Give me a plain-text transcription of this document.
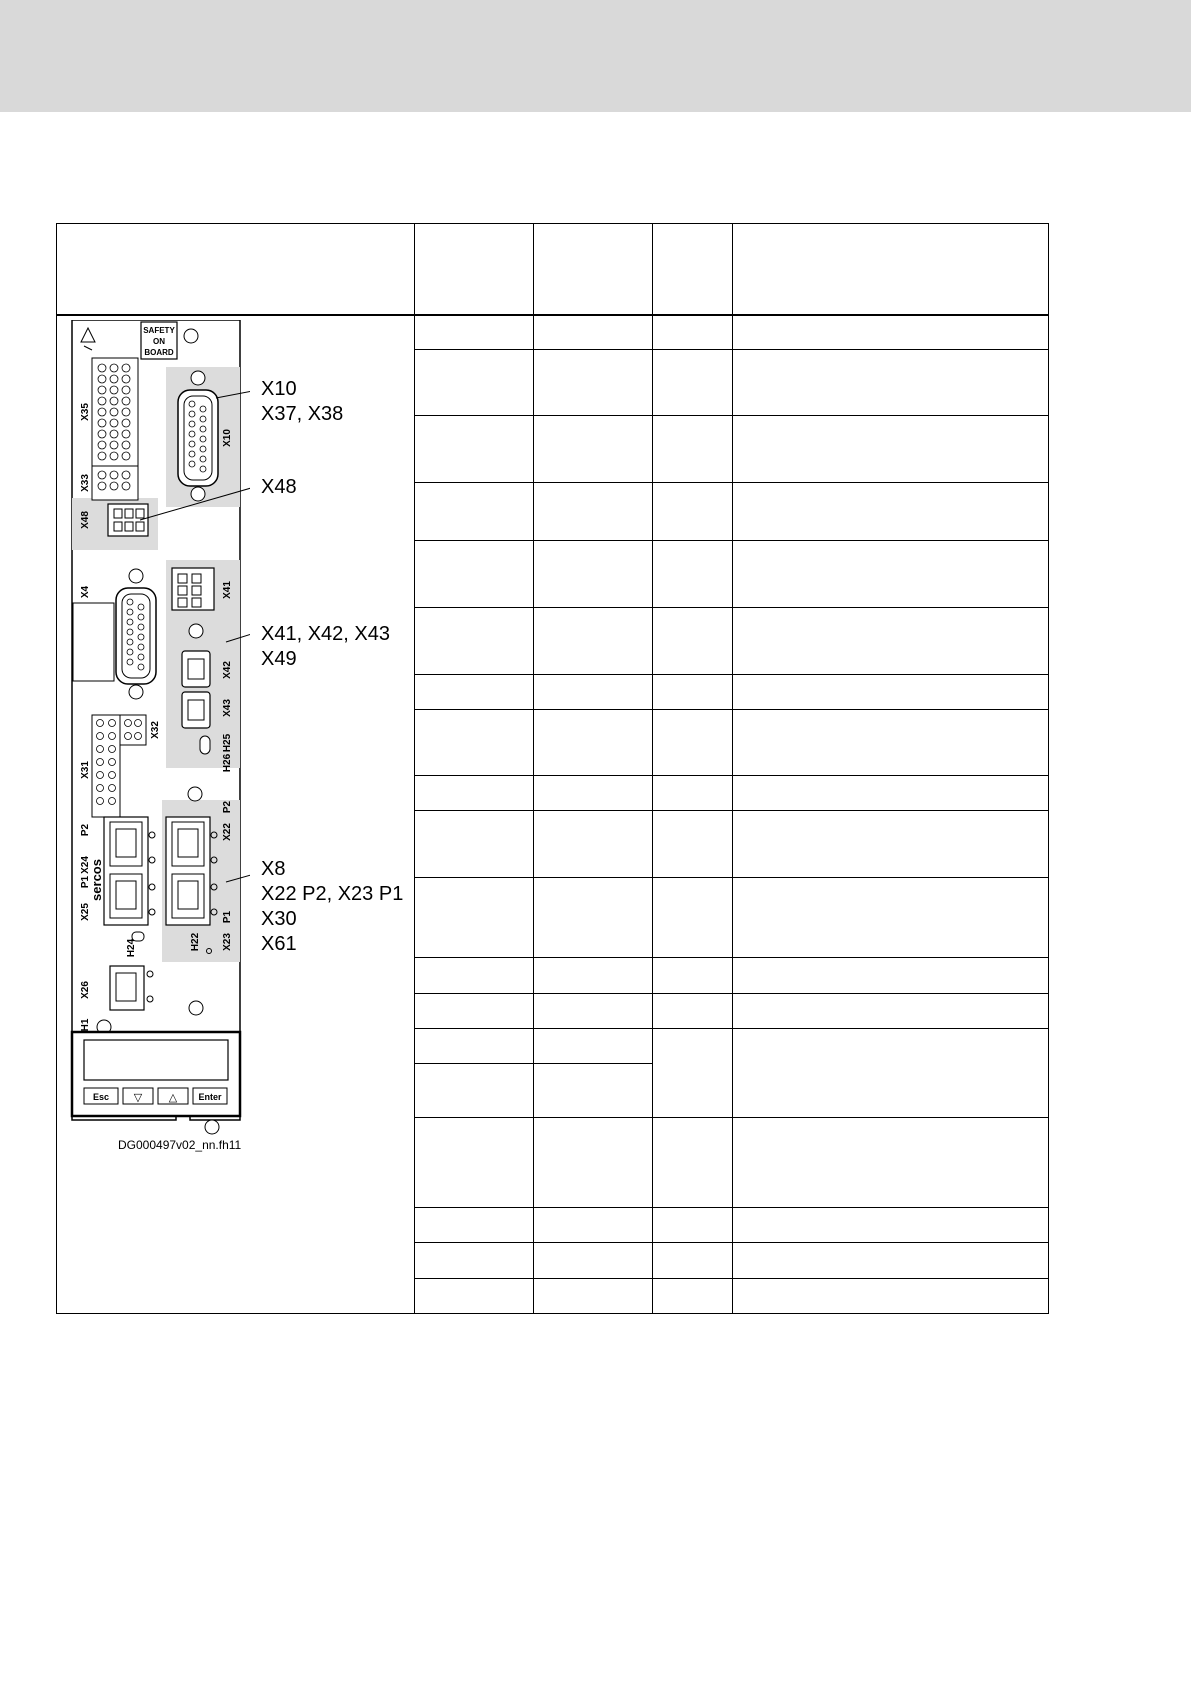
SAFETY
ON
BOARD
X35
X33
X10
X48
X4	X41
X42
X43
H25
H26
X32
X31
X24
P2
X25
P1
sercos
H24
X22
P2
X23
P1
H22
X26
H1
Esc ▽ △ Enter
X10
X37, X38
X48
X41, X42, X43
X49
X8
X22 P2, X23 P1
X30
X61
DG000497v02_nn.fh11
